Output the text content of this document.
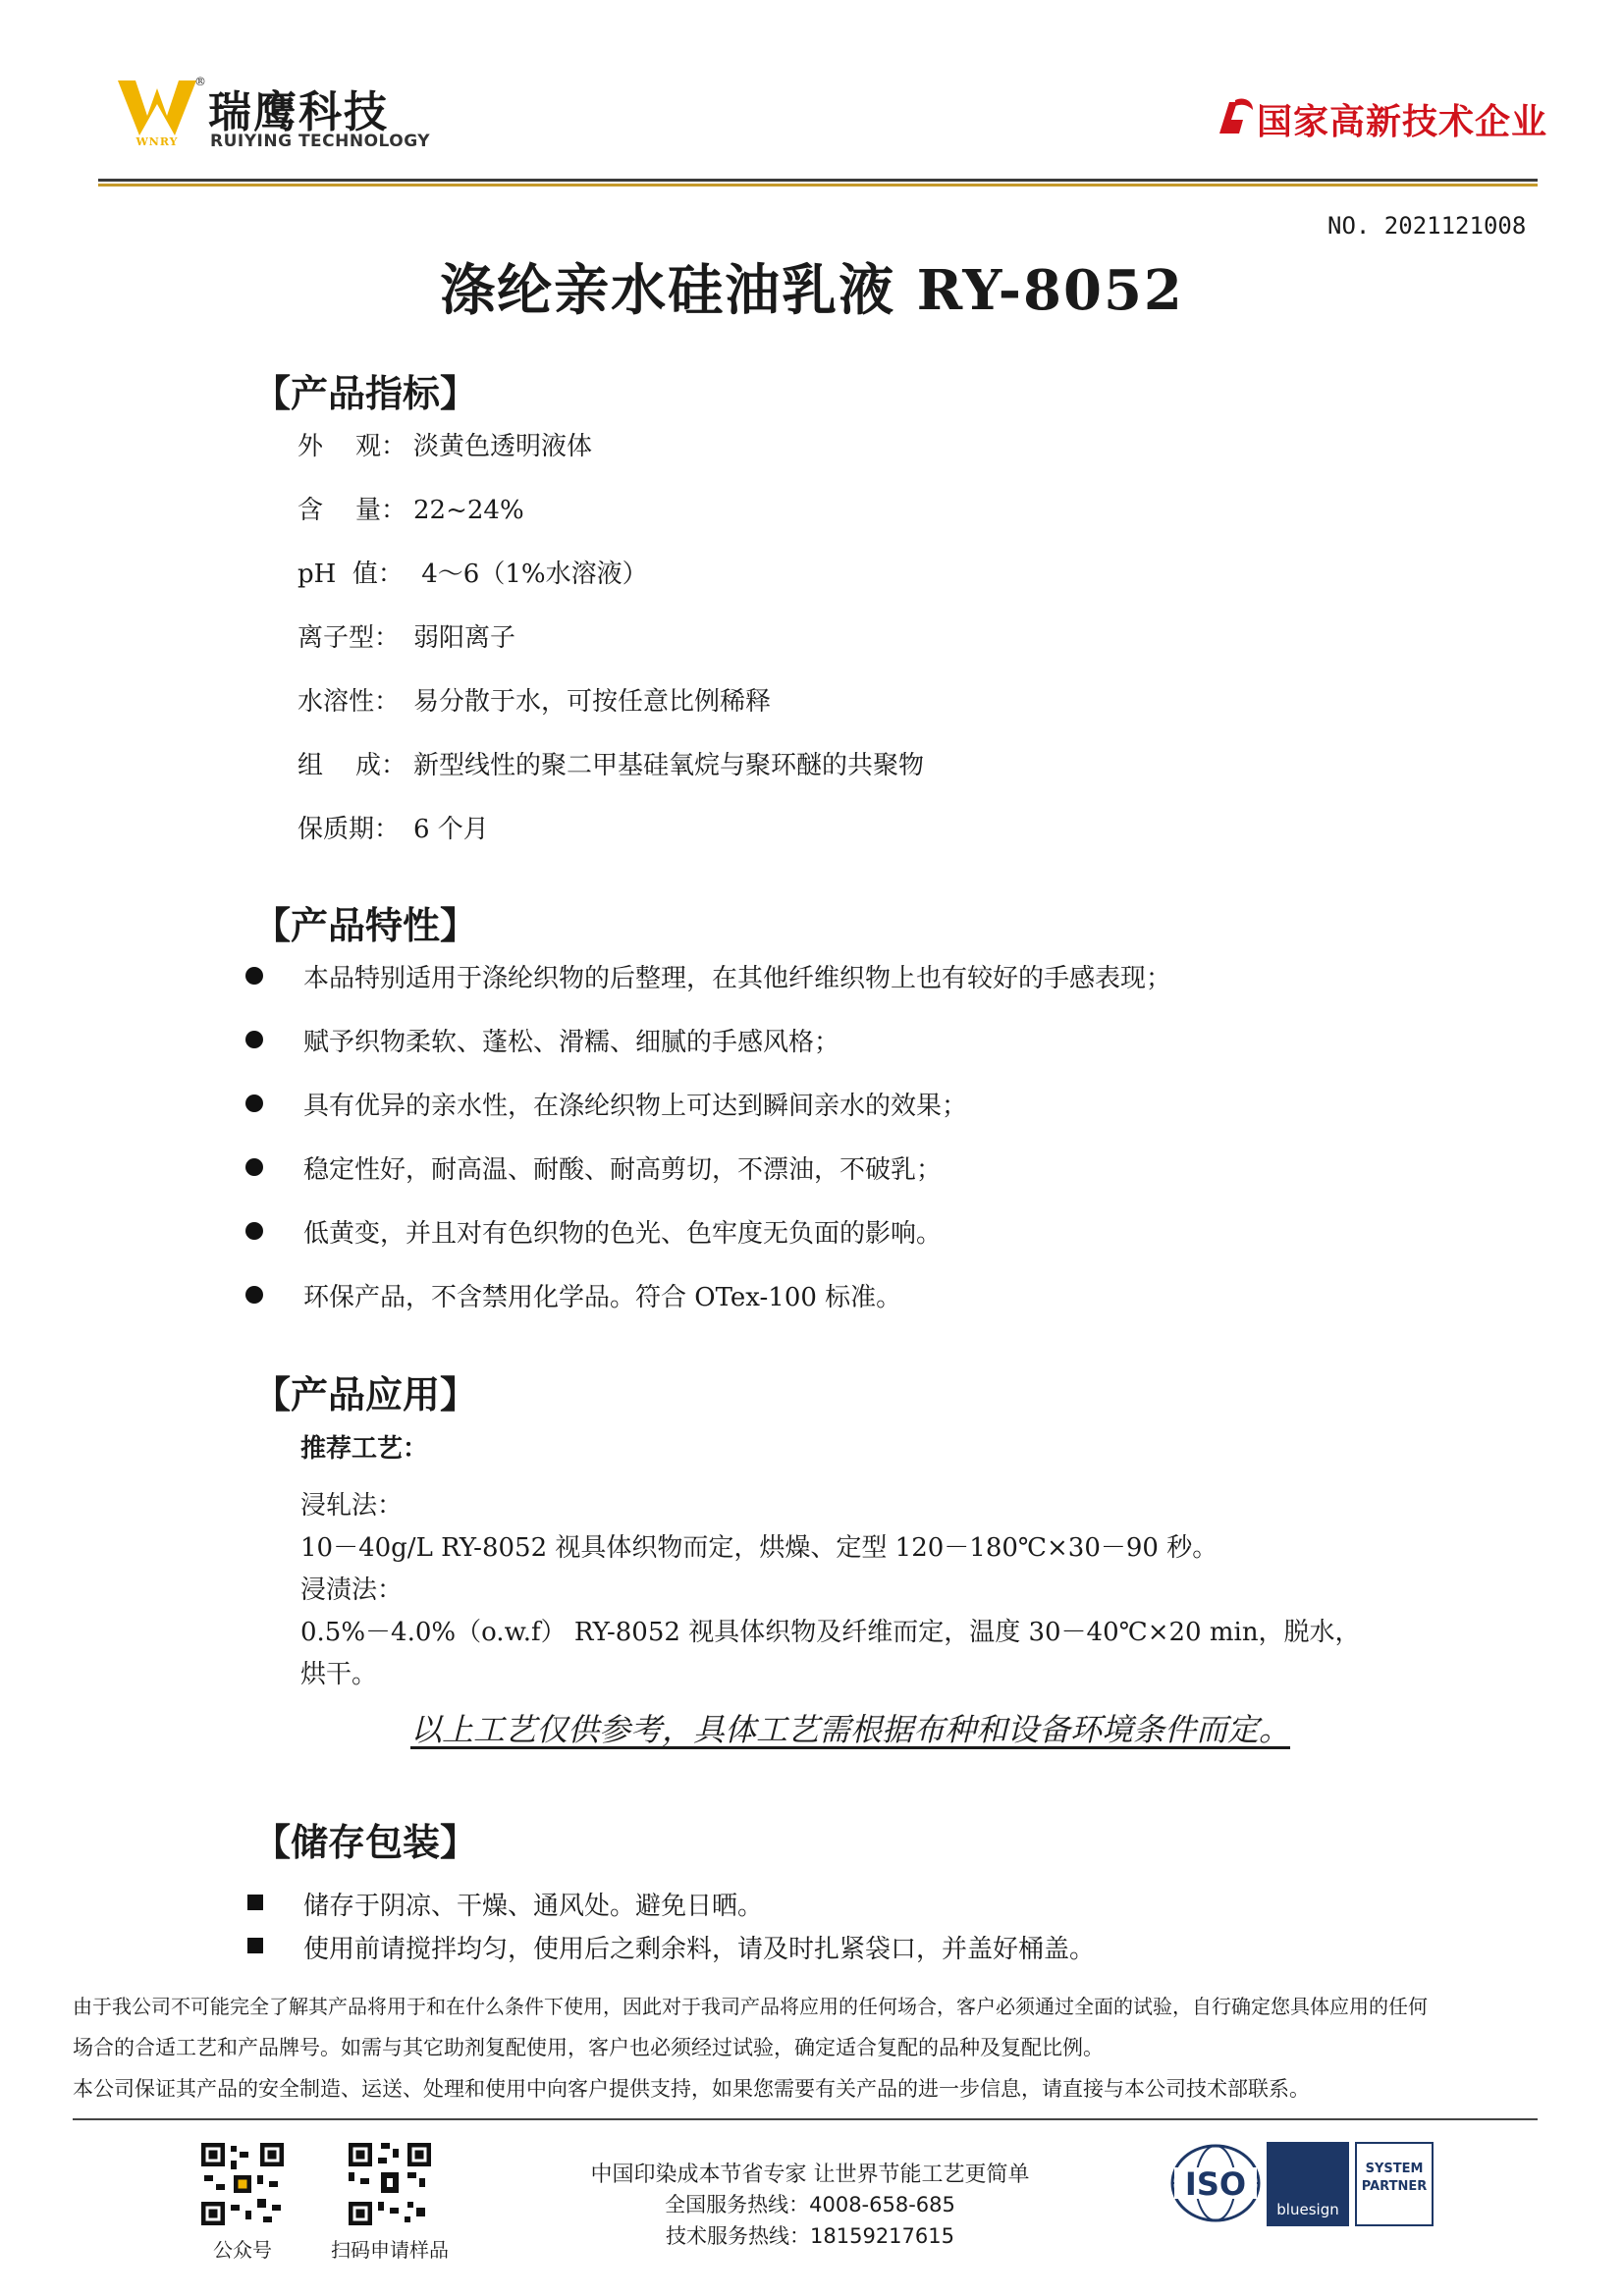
WNRY
®
瑞鹰科技
RUIYING TECHNOLOGY	国家高新技术企业
NO. 2021121008
涤纶亲水硅油乳液 RY-8052
【产品指标】
外    观： 淡黄色透明液体
含    量： 22~24%
pH  值： 4～6（1%水溶液）
离子型： 弱阳离子
水溶性： 易分散于水，可按任意比例稀释
组    成： 新型线性的聚二甲基硅氧烷与聚环醚的共聚物
保质期： 6 个月
【产品特性】
本品特别适用于涤纶织物的后整理，在其他纤维织物上也有较好的手感表现；
赋予织物柔软、蓬松、滑糯、细腻的手感风格；
具有优异的亲水性，在涤纶织物上可达到瞬间亲水的效果；
稳定性好，耐高温、耐酸、耐高剪切，不漂油，不破乳；
低黄变，并且对有色织物的色光、色牢度无负面的影响。
环保产品，不含禁用化学品。符合 OTex-100 标准。
【产品应用】
推荐工艺：
浸轧法：
10－40g/L RY-8052 视具体织物而定，烘燥、定型 120－180℃×30－90 秒。
浸渍法：
0.5%－4.0%（o.w.f） RY-8052 视具体织物及纤维而定，温度 30－40℃×20 min，脱水，
烘干。
以上工艺仅供参考，具体工艺需根据布种和设备环境条件而定。
【储存包装】
储存于阴凉、干燥、通风处。避免日晒。
使用前请搅拌均匀，使用后之剩余料，请及时扎紧袋口，并盖好桶盖。
由于我公司不可能完全了解其产品将用于和在什么条件下使用，因此对于我司产品将应用的任何场合，客户必须通过全面的试验，自行确定您具体应用的任何
场合的合适工艺和产品牌号。如需与其它助剂复配使用，客户也必须经过试验，确定适合复配的品种及复配比例。
本公司保证其产品的安全制造、运送、处理和使用中向客户提供支持，如果您需要有关产品的进一步信息，请直接与本公司技术部联系。
公众号	扫码申请样品
中国印染成本节省专家 让世界节能工艺更简单
全国服务热线：4008-658-685
技术服务热线：18159217615
ISO
bluesign
SYSTEM
PARTNER
